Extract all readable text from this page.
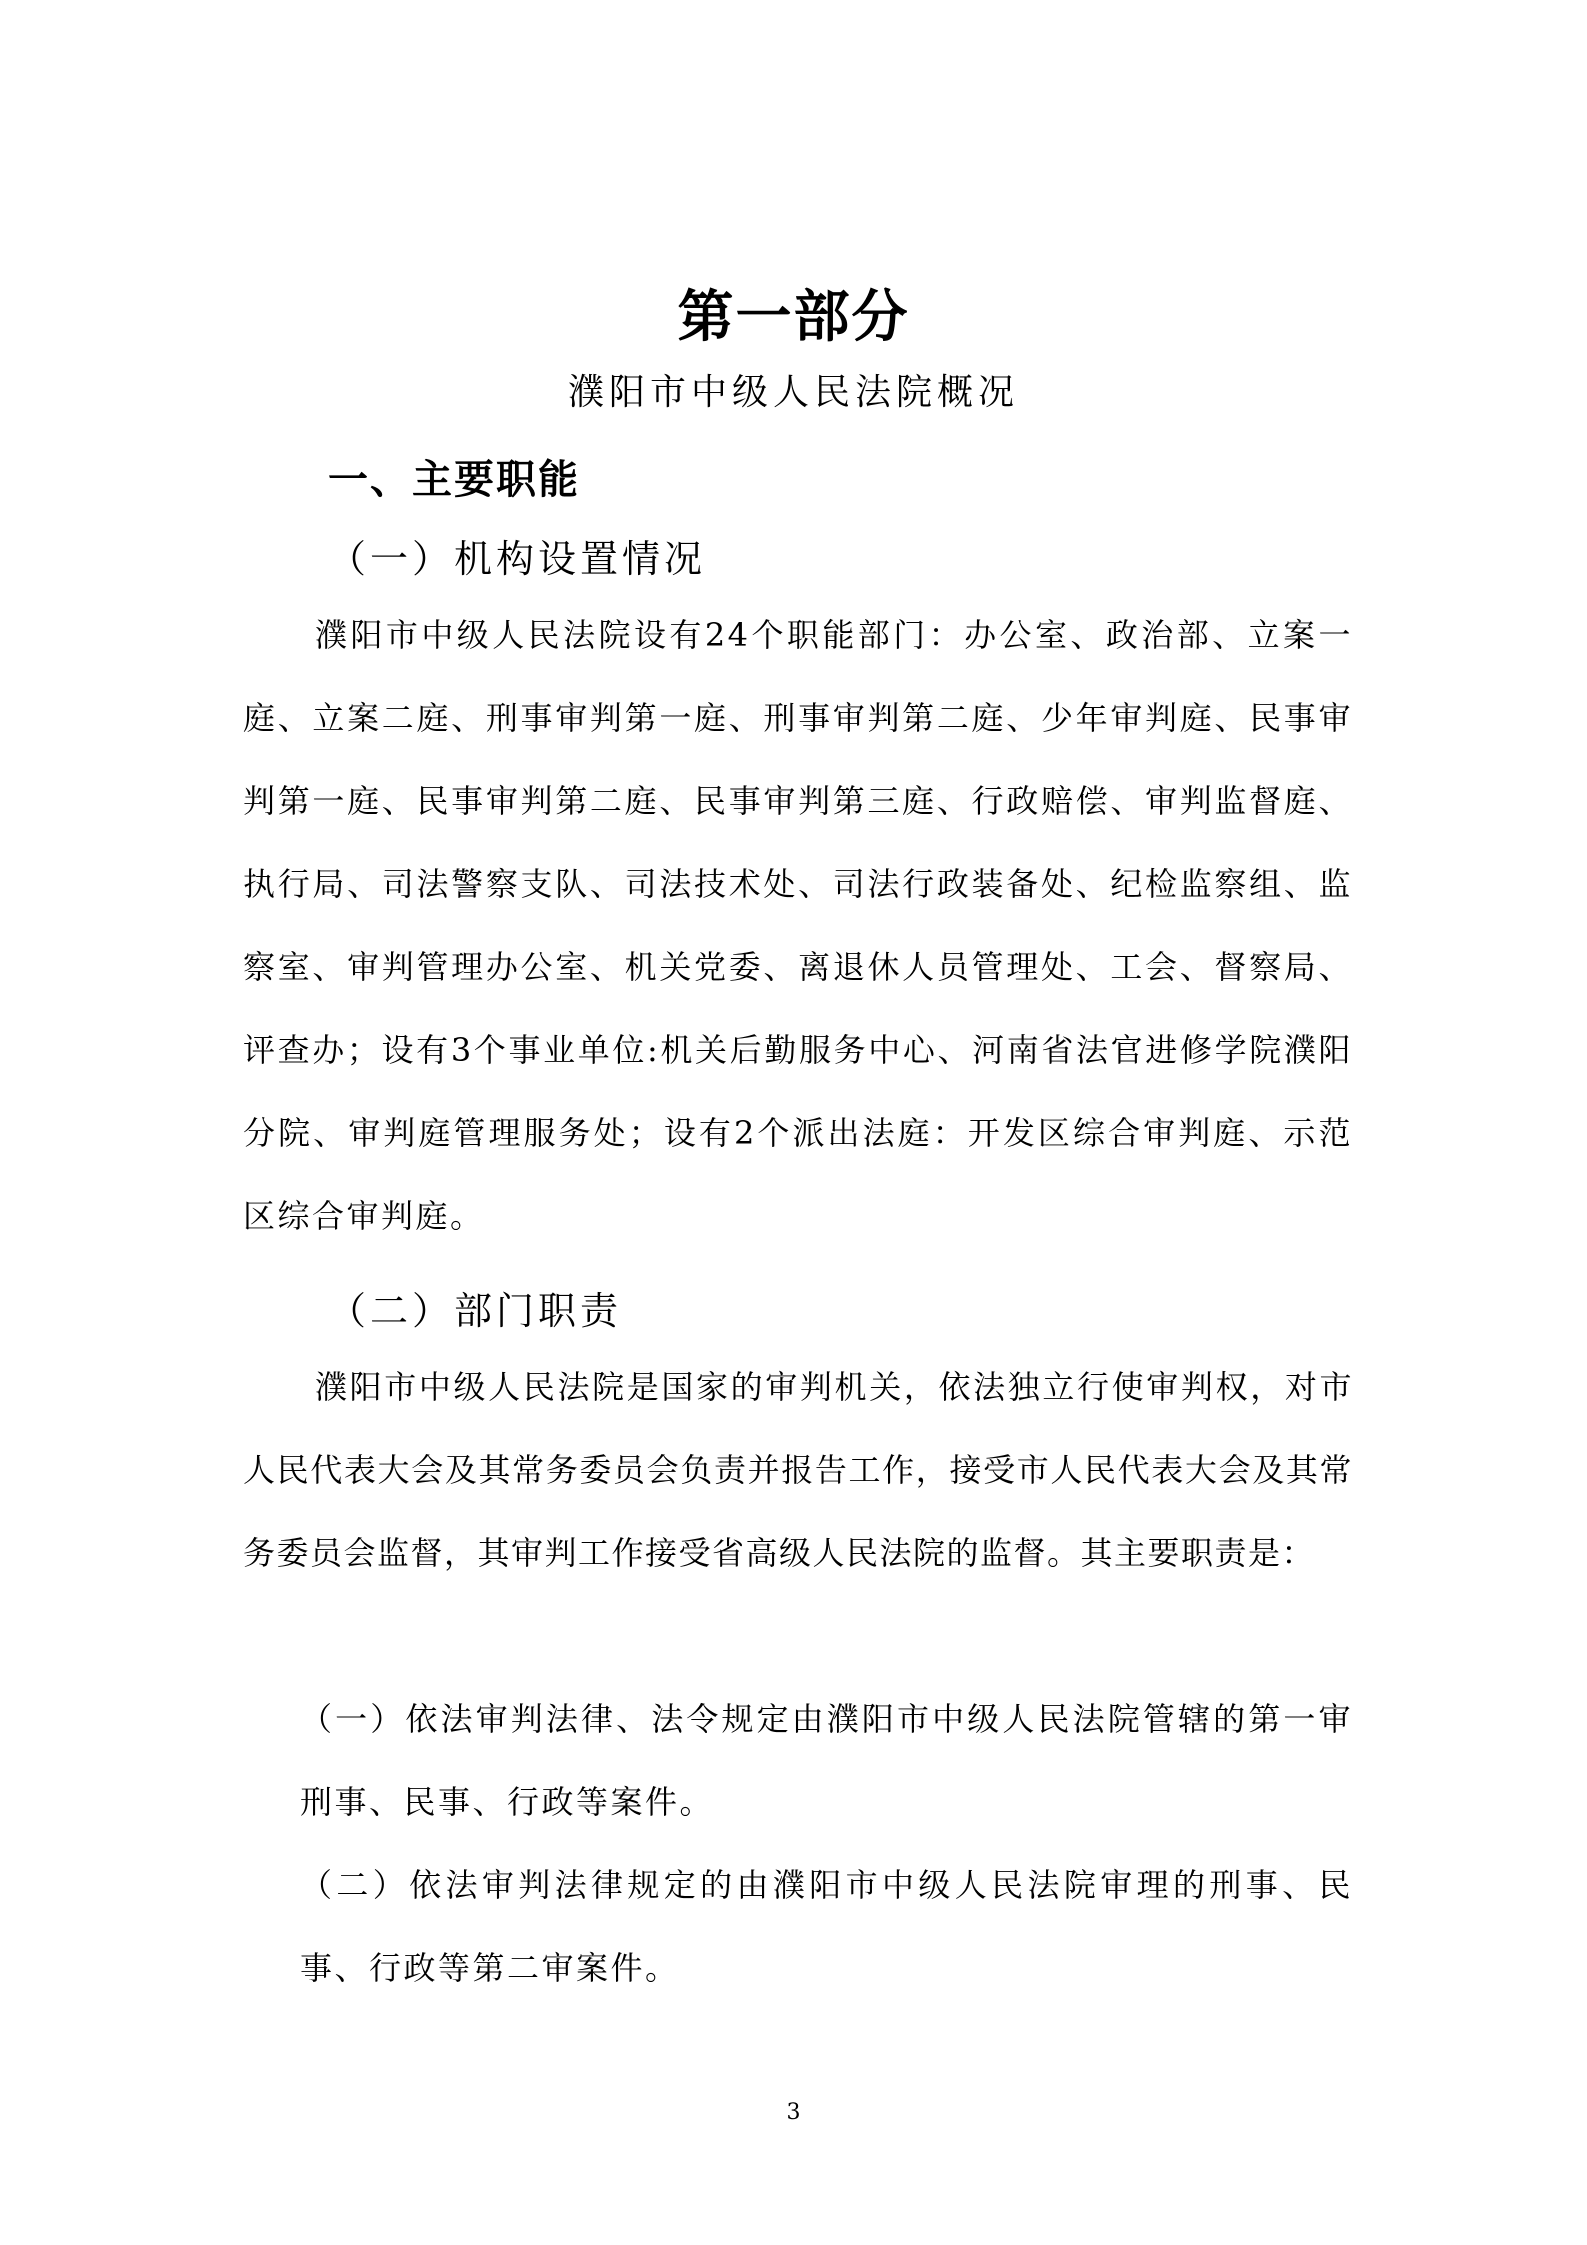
第一部分
濮阳市中级人民法院概况
一、主要职能
（一）机构设置情况

濮阳市中级人民法院设有24个职能部门：办公室、政治部、立案一庭、立案二庭、刑事审判第一庭、刑事审判第二庭、少年审判庭、民事审判第一庭、民事审判第二庭、民事审判第三庭、行政赔偿、审判监督庭、执行局、司法警察支队、司法技术处、司法行政装备处、纪检监察组、监察室、审判管理办公室、机关党委、离退休人员管理处、工会、督察局、评查办；设有3个事业单位:机关后勤服务中心、河南省法官进修学院濮阳分院、审判庭管理服务处；设有2个派出法庭：开发区综合审判庭、示范区综合审判庭。

（二）部门职责

濮阳市中级人民法院是国家的审判机关，依法独立行使审判权，对市人民代表大会及其常务委员会负责并报告工作，接受市人民代表大会及其常务委员会监督，其审判工作接受省高级人民法院的监督。其主要职责是：

（一）依法审判法律、法令规定由濮阳市中级人民法院管辖的第一审刑事、民事、行政等案件。

（二）依法审判法律规定的由濮阳市中级人民法院审理的刑事、民事、行政等第二审案件。

3
